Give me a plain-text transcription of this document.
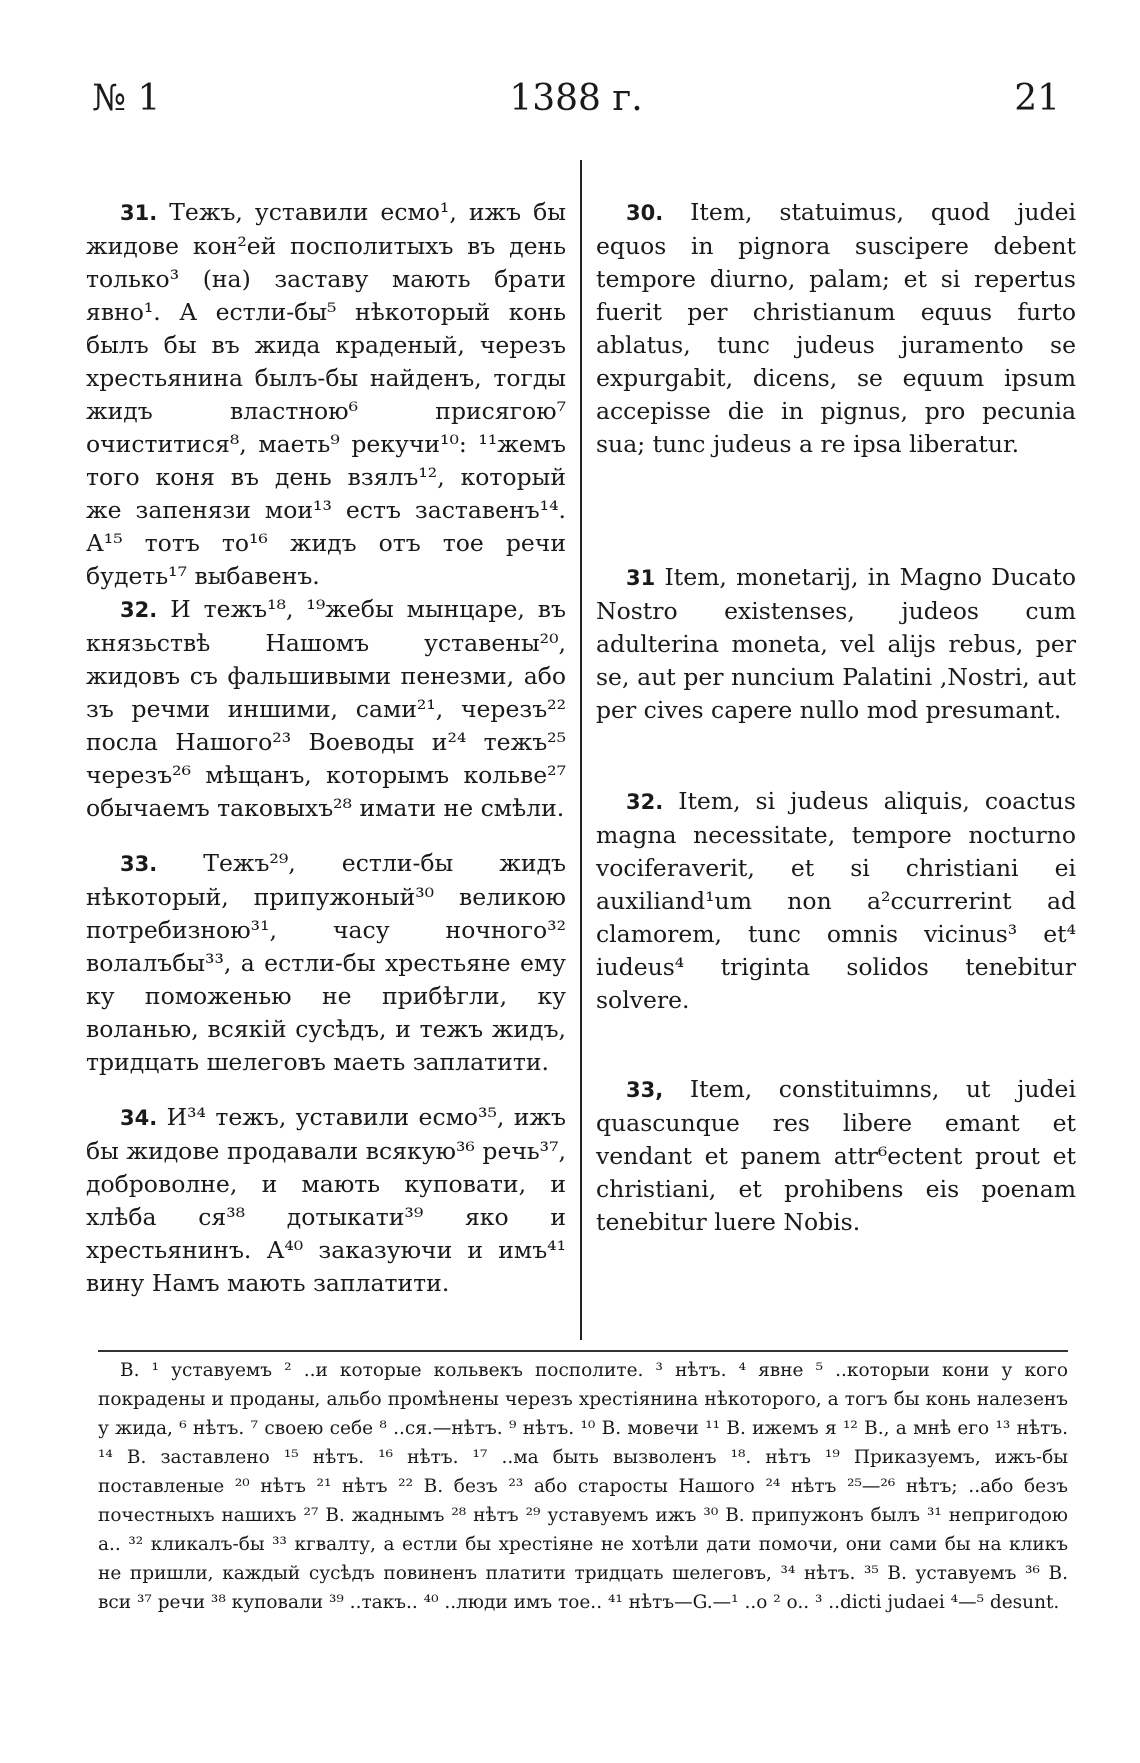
№ 1	1388 г.	21

31. Тежъ, уставили есмо¹, ижъ бы жидове кон²ей посполитыхъ въ день только³ (на) заставу мають брати явно¹. А естли-бы⁵ нѣкоторый конь былъ бы въ жида краденый, черезъ хрестьянина былъ-бы найденъ, тогды жидъ властною⁶ присягою⁷ очиститися⁸, маеть⁹ рекучи¹⁰: ¹¹жемъ того коня въ день взялъ¹², который же запенязи мои¹³ естъ заставенъ¹⁴. А¹⁵ тотъ то¹⁶ жидъ отъ тое речи будеть¹⁷ выбавенъ.

32. И тежъ¹⁸, ¹⁹жебы мынцаре, въ князьствѣ Нашомъ уставены²⁰, жидовъ съ фальшивыми пенезми, або зъ речми иншими, сами²¹, черезъ²² посла Нашого²³ Воеводы и²⁴ тежъ²⁵ черезъ²⁶ мѣщанъ, которымъ кольве²⁷ обычаемъ таковыхъ²⁸ имати не смѣли.

33. Тежъ²⁹, естли-бы жидъ нѣкоторый, припужоный³⁰ великою потребизною³¹, часу ночного³² волалъбы³³, а естли-бы хрестьяне ему ку поможенью не прибѣгли, ку воланью, всякій сусѣдъ, и тежъ жидъ, тридцать шелеговъ маеть заплатити.

34. И³⁴ тежъ, уставили есмо³⁵, ижъ бы жидове продавали всякую³⁶ речь³⁷, доброволне, и мають куповати, и хлѣба ся³⁸ дотыкати³⁹ яко и хрестьянинъ. А⁴⁰ заказуючи и имъ⁴¹ вину Намъ мають заплатити.

30. Item, statuimus, quod judei equos in pignora suscipere debent tempore diurno, palam; et si repertus fuerit per christianum equus furto ablatus, tunc judeus juramento se expurgabit, dicens, se equum ipsum accepisse die in pignus, pro pecunia sua; tunc judeus a re ipsa liberatur.

31 Item, monetarij, in Magno Ducato Nostro existenses, judeos cum adulterina moneta, vel alijs rebus, per se, aut per nuncium Palatini ,Nostri, aut per cives capere nullo mod presumant.

32. Item, si judeus aliquis, coactus magna necessitate, tempore nocturno vociferaverit, et si christiani ei auxiliand¹um non a²ccurrerint ad clamorem, tunc omnis vicinus³ et⁴ iudeus⁴ triginta solidos tenebitur solvere.

33, Item, constituimns, ut judei quascunque res libere emant et vendant et panem attr⁶ectent prout et christiani, et prohibens eis poenam tenebitur luere Nobis.

B. ¹ уставуемъ ² ..и которые кольвекъ посполите. ³ нѣтъ. ⁴ явне ⁵ ..которыи кони у кого покрадены и проданы, альбо промѣнены черезъ хрестiянина нѣкоторого, а тогъ бы конь налезенъ у жида, ⁶ нѣтъ. ⁷ своею себе ⁸ ..ся.—нѣтъ. ⁹ нѣтъ. ¹⁰ B. мовечи ¹¹ B. ижемъ я ¹² B., а мнѣ его ¹³ нѣтъ. ¹⁴ B. заставлено ¹⁵ нѣтъ. ¹⁶ нѣтъ. ¹⁷ ..ма быть вызволенъ ¹⁸. нѣтъ ¹⁹ Приказуемъ, ижъ-бы поставленые ²⁰ нѣтъ ²¹ нѣтъ ²² B. безъ ²³ або старосты Нашого ²⁴ нѣтъ ²⁵—²⁶ нѣтъ; ..або безъ почестныхъ нашихъ ²⁷ B. жаднымъ ²⁸ нѣтъ ²⁹ уставуемъ ижъ ³⁰ B. припужонъ былъ ³¹ непригодою а.. ³² кликалъ-бы ³³ кгвалту, а естли бы хрестiяне не хотѣли дати помочи, они сами бы на кликъ не пришли, каждый сусѣдъ повиненъ платити тридцать шелеговъ, ³⁴ нѣтъ. ³⁵ B. уставуемъ ³⁶ B. вси ³⁷ речи ³⁸ куповали ³⁹ ..такъ.. ⁴⁰ ..люди имъ тое.. ⁴¹ нѣтъ—G.—¹ ..o ² o.. ³ ..dicti judaei ⁴—⁵ desunt.
